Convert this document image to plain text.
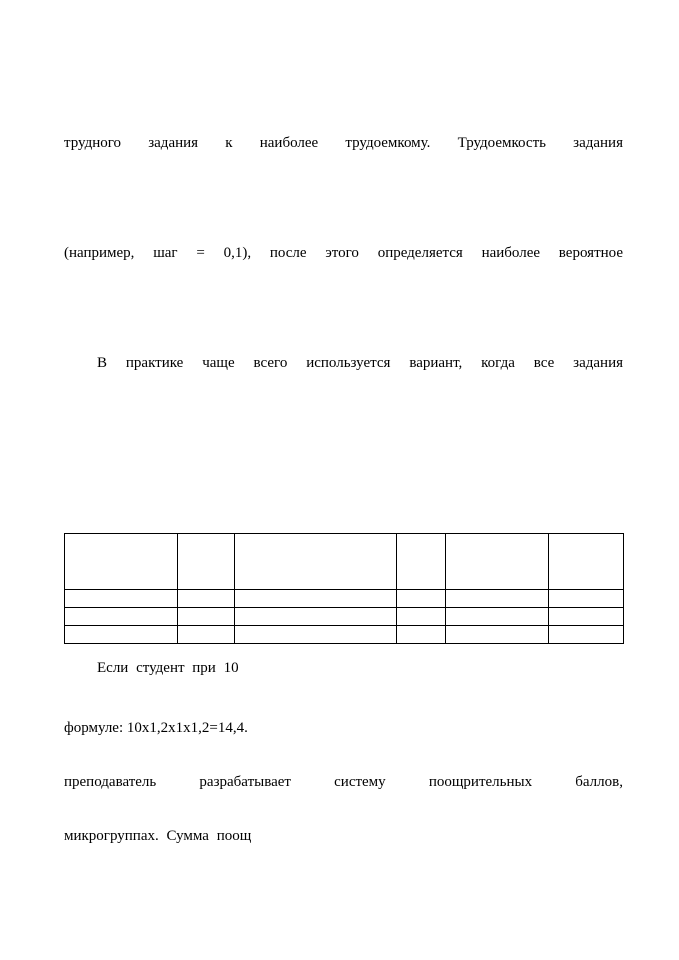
трудного задания к наиболее трудоемкому. Трудоемкость задания
(например, шаг = 0,1), после этого определяется наиболее вероятное
В практике чаще всего используется вариант, когда все задания

Если студент при 10
формуле: 10х1,2х1х1,2=14,4.
преподаватель разрабатывает систему поощрительных баллов,
микрогруппах. Сумма поощ
